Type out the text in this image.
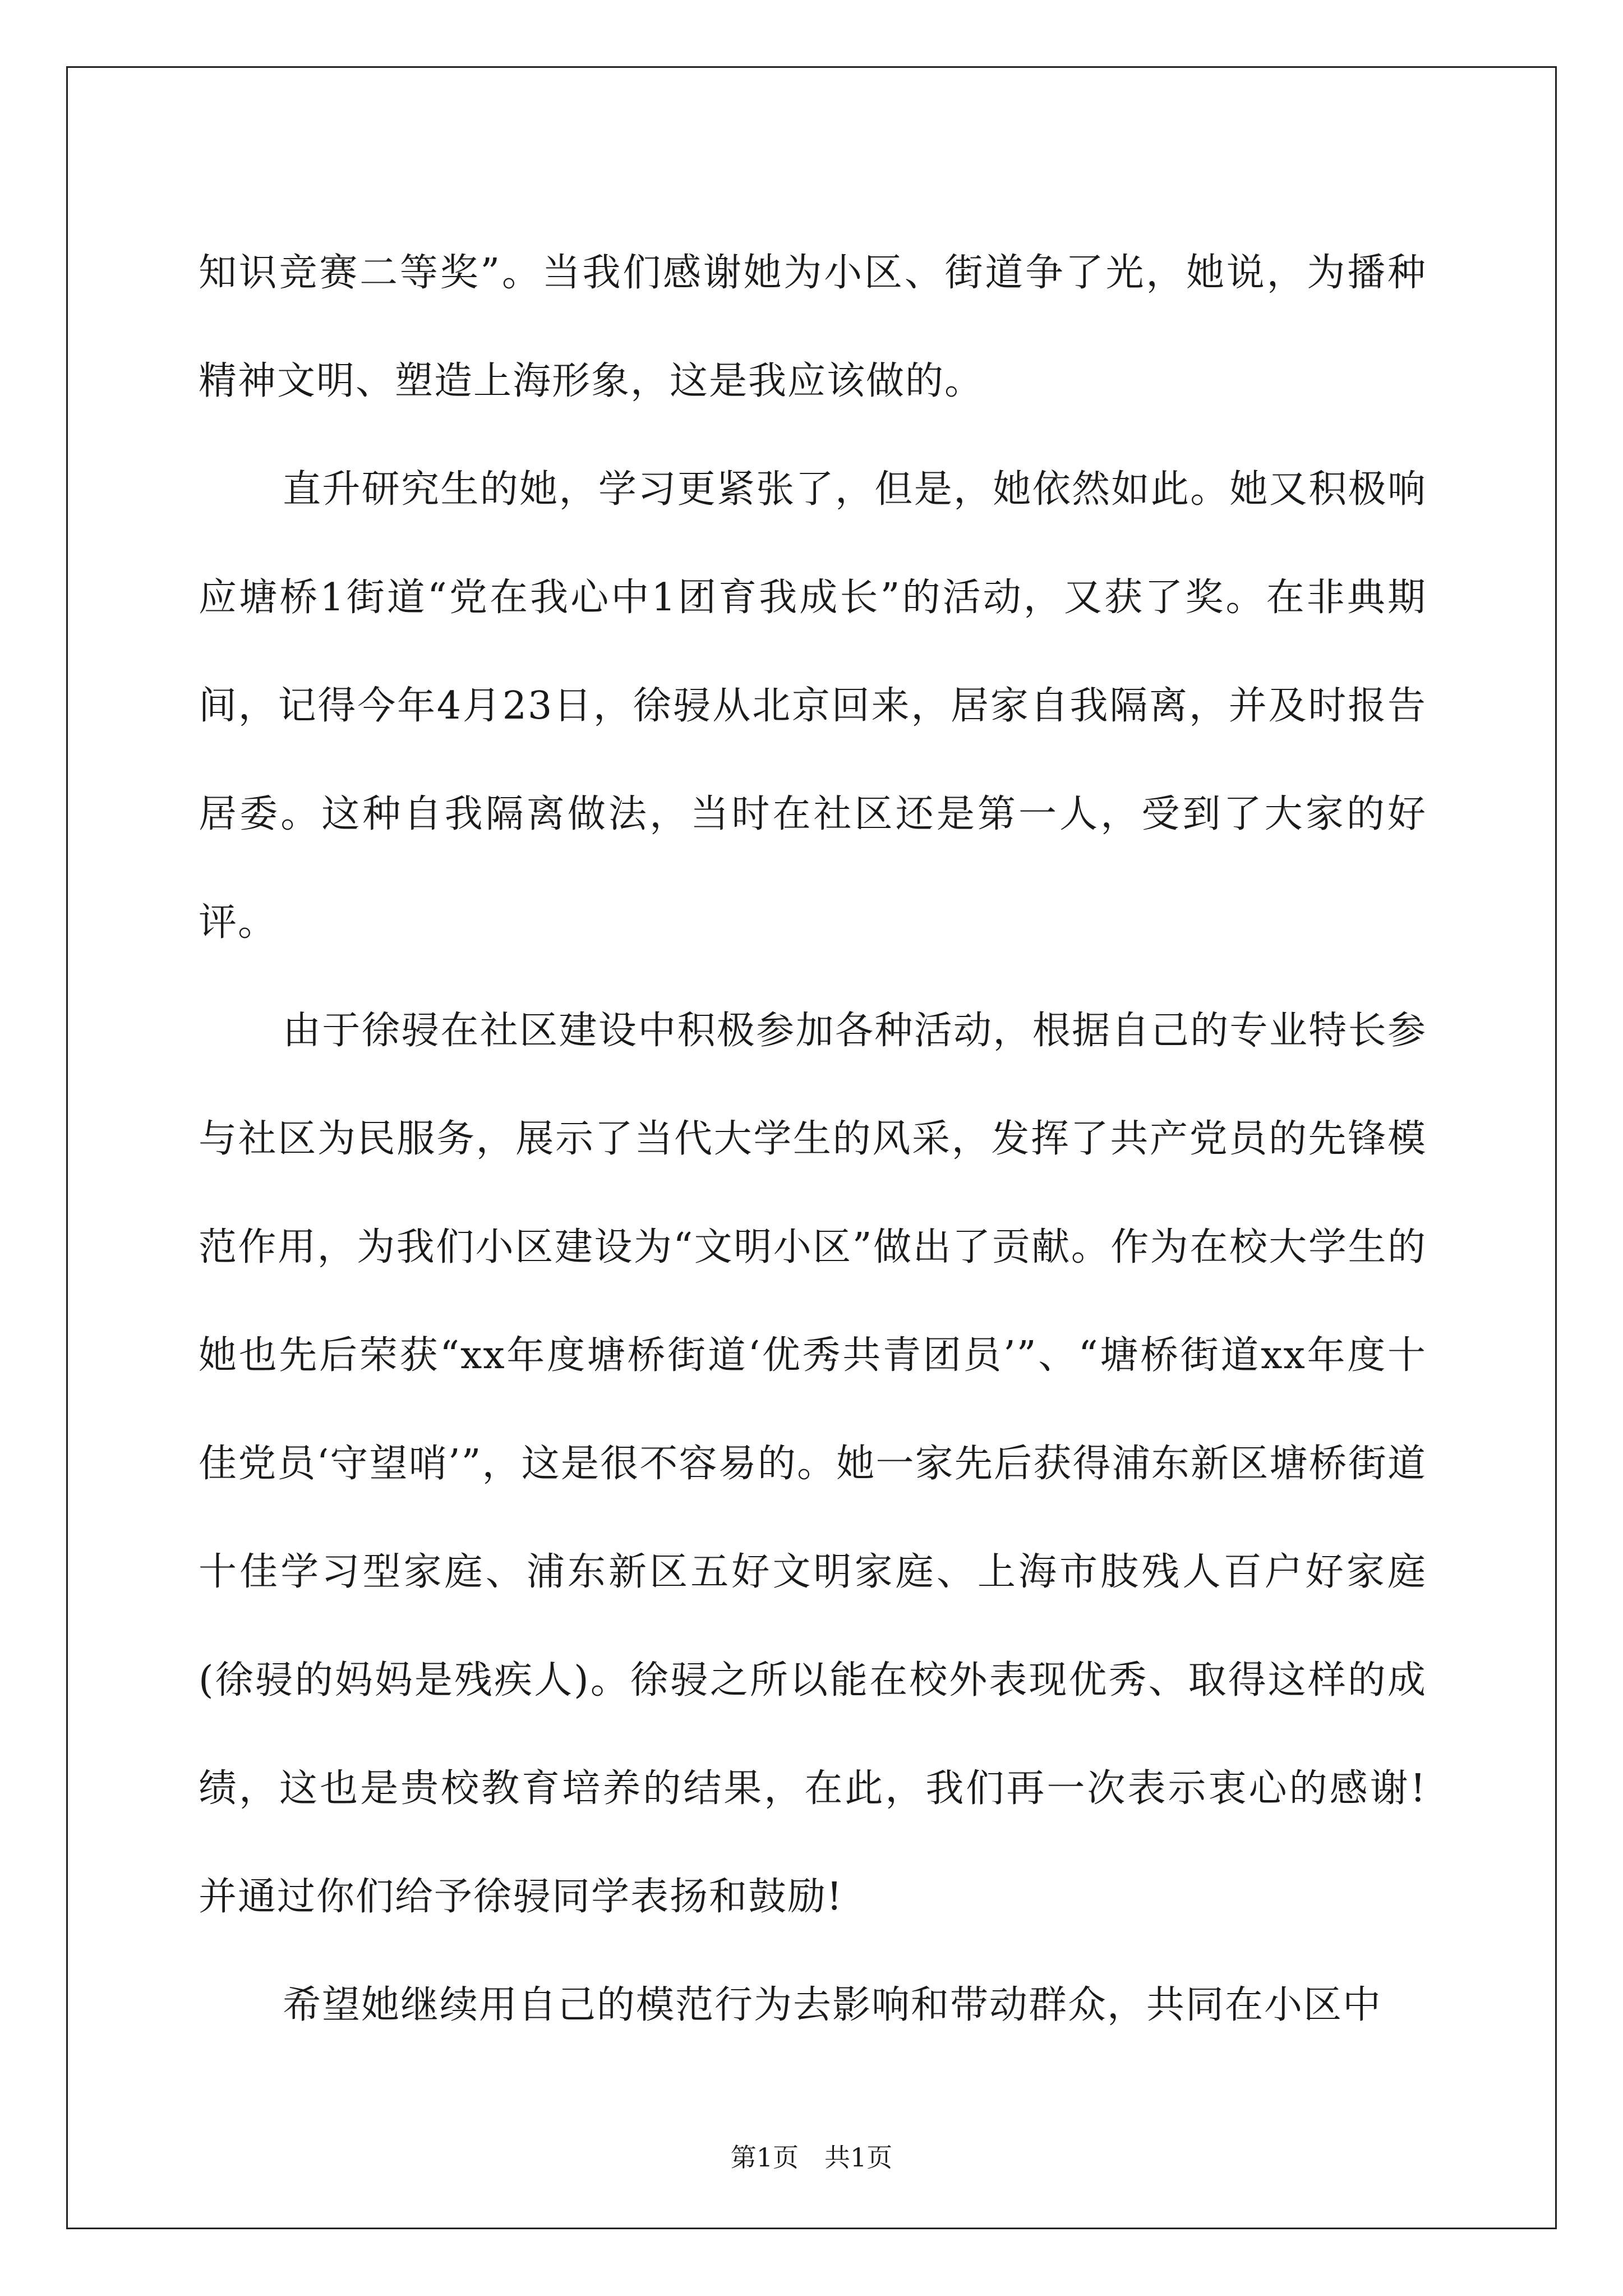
知识竞赛二等奖”。当我们感谢她为小区、街道争了光，她说，为播种精神文明、塑造上海形象，这是我应该做的。

直升研究生的她，学习更紧张了，但是，她依然如此。她又积极响应塘桥1街道“党在我心中1团育我成长”的活动，又获了奖。在非典期间，记得今年4月23日，徐骎从北京回来，居家自我隔离，并及时报告居委。这种自我隔离做法，当时在社区还是第一人，受到了大家的好评。

由于徐骎在社区建设中积极参加各种活动，根据自己的专业特长参与社区为民服务，展示了当代大学生的风采，发挥了共产党员的先锋模范作用，为我们小区建设为“文明小区”做出了贡献。作为在校大学生的她也先后荣获“xx年度塘桥街道‘优秀共青团员’”、“塘桥街道xx年度十佳党员‘守望哨’”，这是很不容易的。她一家先后获得浦东新区塘桥街道十佳学习型家庭、浦东新区五好文明家庭、上海市肢残人百户好家庭(徐骎的妈妈是残疾人)。徐骎之所以能在校外表现优秀、取得这样的成绩，这也是贵校教育培养的结果，在此，我们再一次表示衷心的感谢!并通过你们给予徐骎同学表扬和鼓励!

希望她继续用自己的模范行为去影响和带动群众，共同在小区中

第1页 共1页
